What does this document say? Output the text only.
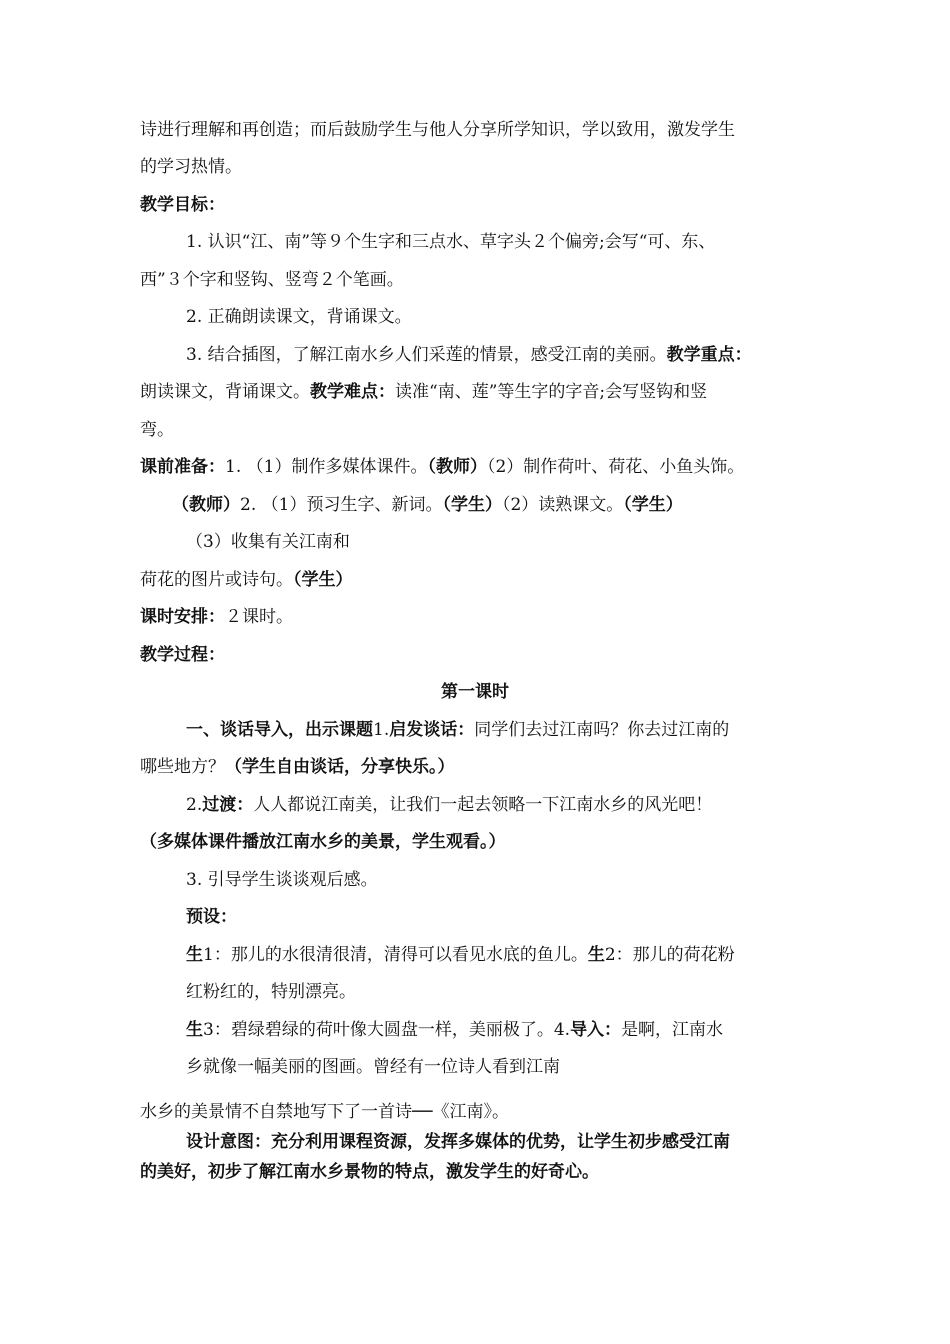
诗进行理解和再创造；而后鼓励学生与他人分享所学知识，学以致用，激发学生
的学习热情。
教学目标：
1. 认识“江、南”等９个生字和三点水、草字头２个偏旁;会写“可、东、
西”３个字和竖钩、竖弯２个笔画。
2. 正确朗读课文，背诵课文。
3. 结合插图，了解江南水乡人们采莲的情景，感受江南的美丽。教学重点：
朗读课文，背诵课文。教学难点：读准“南、莲”等生字的字音;会写竖钩和竖
弯。
课前准备：1. （1）制作多媒体课件。（教师）（2）制作荷叶、荷花、小鱼头饰。
（教师）2. （1）预习生字、新词。（学生）（2）读熟课文。（学生）
（3）收集有关江南和
荷花的图片或诗句。（学生）
课时安排：２课时。
教学过程：
第一课时
一、谈话导入，出示课题1.启发谈话：同学们去过江南吗？你去过江南的
哪些地方？（学生自由谈话，分享快乐。）
2.过渡：人人都说江南美，让我们一起去领略一下江南水乡的风光吧！
（多媒体课件播放江南水乡的美景，学生观看。）
3. 引导学生谈谈观后感。
预设：
生1：那儿的水很清很清，清得可以看见水底的鱼儿。生2：那儿的荷花粉
红粉红的，特别漂亮。
生3：碧绿碧绿的荷叶像大圆盘一样，美丽极了。4.导入：是啊，江南水
乡就像一幅美丽的图画。曾经有一位诗人看到江南
水乡的美景情不自禁地写下了一首诗──《江南》。
设计意图：充分利用课程资源，发挥多媒体的优势，让学生初步感受江南
的美好，初步了解江南水乡景物的特点，激发学生的好奇心。
